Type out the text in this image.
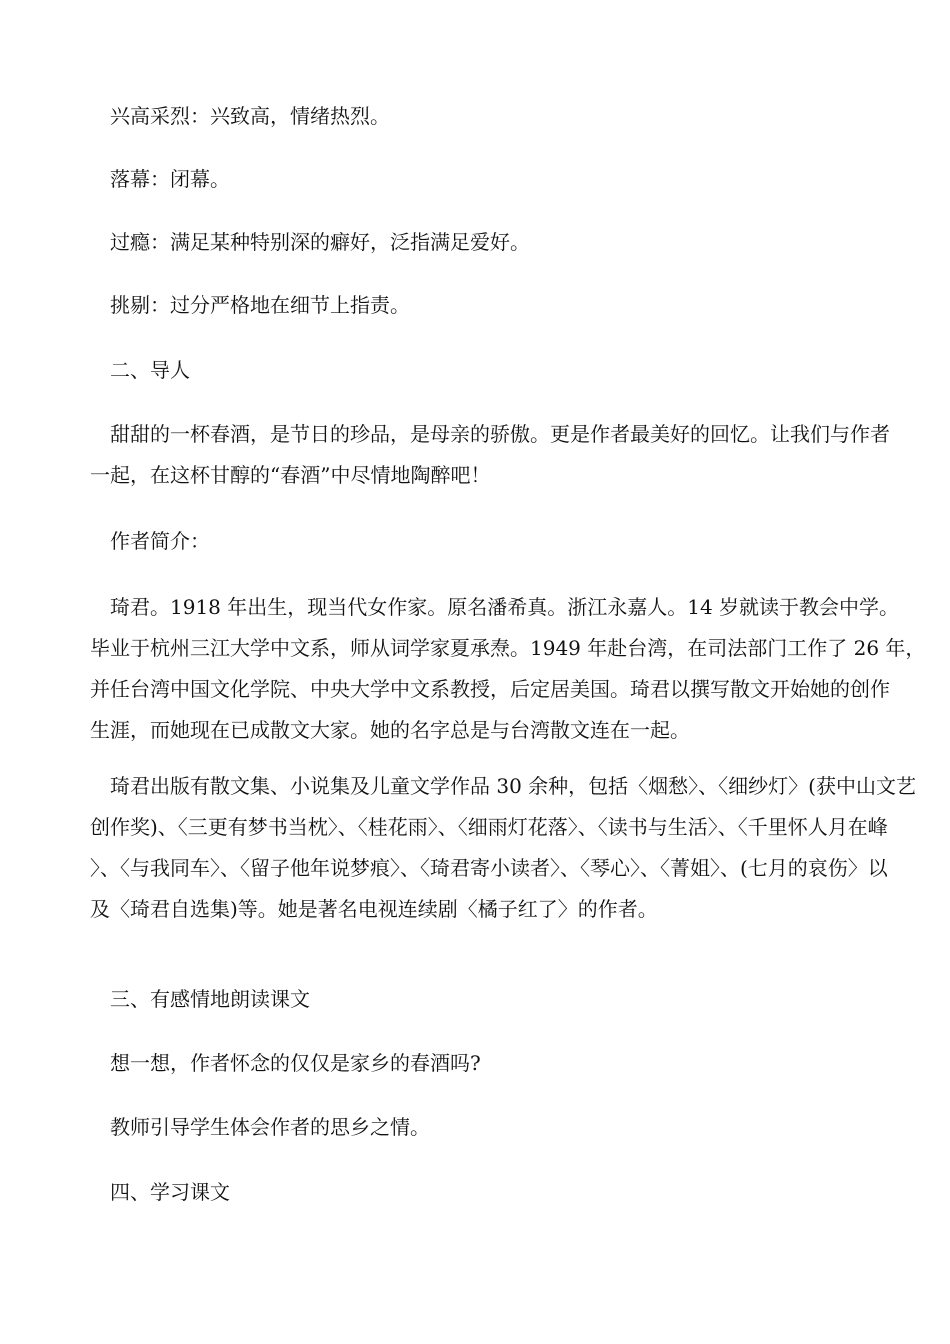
兴高采烈：兴致高，情绪热烈。

落幕：闭幕。

过瘾：满足某种特别深的癖好，泛指满足爱好。

挑剔：过分严格地在细节上指责。

二、导人

甜甜的一杯春酒，是节日的珍品，是母亲的骄傲。更是作者最美好的回忆。让我们与作者
一起，在这杯甘醇的“春酒”中尽情地陶醉吧！

作者简介：

琦君。1918 年出生，现当代女作家。原名潘希真。浙江永嘉人。14 岁就读于教会中学。
毕业于杭州三江大学中文系，师从词学家夏承焘。1949 年赴台湾，在司法部门工作了 26 年，
并任台湾中国文化学院、中央大学中文系教授，后定居美国。琦君以撰写散文开始她的创作
生涯，而她现在已成散文大家。她的名字总是与台湾散文连在一起。

琦君出版有散文集、小说集及儿童文学作品 30 余种，包括〈烟愁〉、〈细纱灯〉(获中山文艺
创作奖)、〈三更有梦书当枕〉、〈桂花雨〉、〈细雨灯花落〉、〈读书与生活〉、〈千里怀人月在峰
〉、〈与我同车〉、〈留子他年说梦痕〉、〈琦君寄小读者〉、〈琴心〉、〈菁姐〉、(七月的哀伤〉以
及〈琦君自选集)等。她是著名电视连续剧〈橘子红了〉的作者。

三、有感情地朗读课文

想一想，作者怀念的仅仅是家乡的春酒吗?

教师引导学生体会作者的思乡之情。

四、学习课文
